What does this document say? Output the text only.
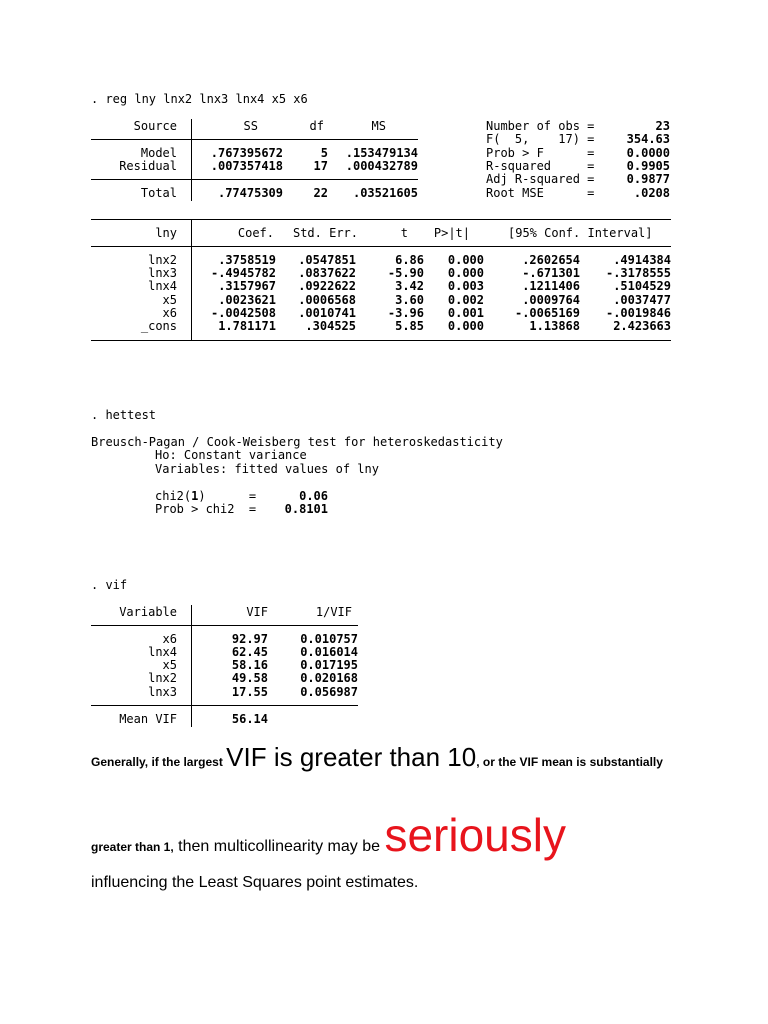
. reg lny lnx2 lnx3 lnx4 x5 x6
Source	SS	df	MS
Model	.767395672	5	.153479134
Residual	.007357418	17	.000432789
Total	.77475309	22	.03521605
Number of obs =	23
F(  5,    17) =	354.63
Prob > F      =	0.0000
R-squared     =	0.9905
Adj R-squared =	0.9877
Root MSE      =	.0208
lny	Coef.	Std. Err.	t	P>|t|	[95% Conf. Interval]
lnx2	.3758519	.0547851	6.86	0.000	.2602654	.4914384
lnx3	-.4945782	.0837622	-5.90	0.000	-.671301	-.3178555
lnx4	.3157967	.0922622	3.42	0.003	.1211406	.5104529
x5	.0023621	.0006568	3.60	0.002	.0009764	.0037477
x6	-.0042508	.0010741	-3.96	0.001	-.0065169	-.0019846
_cons	1.781171	.304525	5.85	0.000	1.13868	2.423663
. hettest
Breusch-Pagan / Cook-Weisberg test for heteroskedasticity
Ho: Constant variance
Variables: fitted values of lny
chi2(1)      =	0.06
Prob > chi2  =	0.8101
. vif
Variable	VIF	1/VIF
x6	92.97	0.010757
lnx4	62.45	0.016014
x5	58.16	0.017195
lnx2	49.58	0.020168
lnx3	17.55	0.056987
Mean VIF	56.14
Generally, if the largest VIF is greater than 10, or the VIF mean is substantially
greater than 1, then multicollinearity may be seriously
influencing the Least Squares point estimates.
